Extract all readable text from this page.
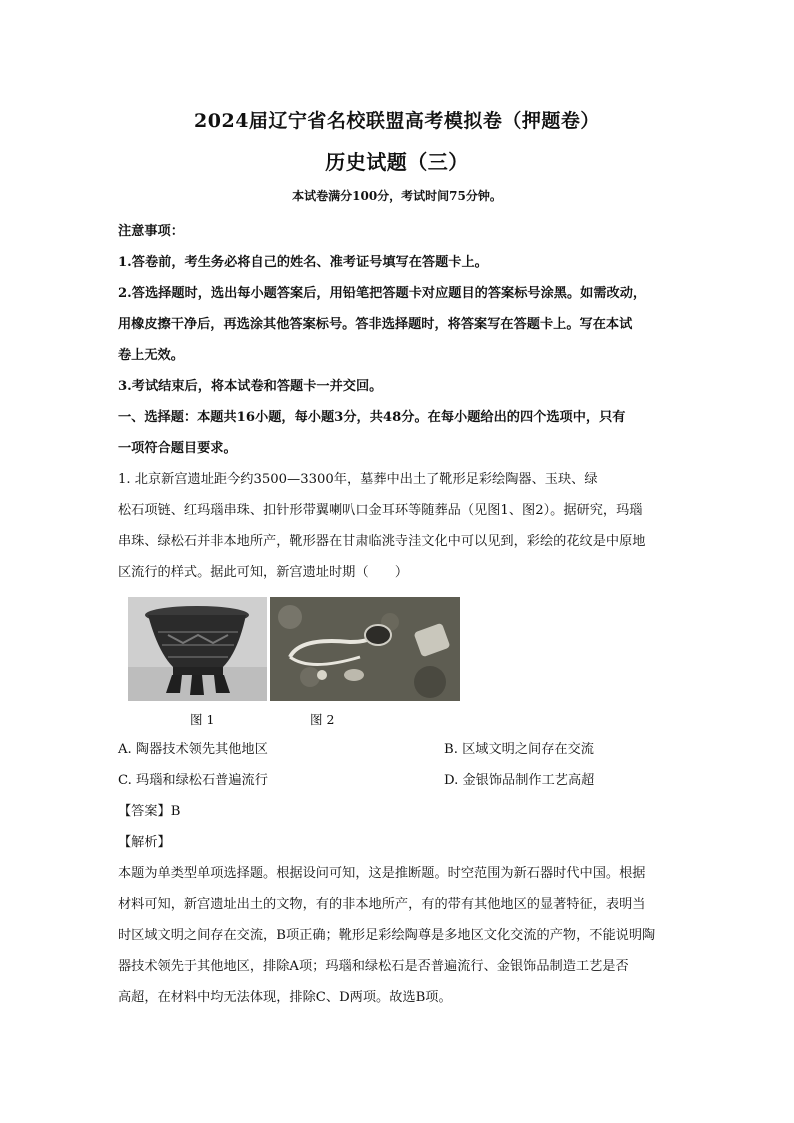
2024届辽宁省名校联盟高考模拟卷（押题卷）
历史试题（三）
本试卷满分100分，考试时间75分钟。
注意事项：
1.答卷前，考生务必将自己的姓名、准考证号填写在答题卡上。
2.答选择题时，选出每小题答案后，用铅笔把答题卡对应题目的答案标号涂黑。如需改动，
用橡皮擦干净后，再选涂其他答案标号。答非选择题时，将答案写在答题卡上。写在本试
卷上无效。
3.考试结束后，将本试卷和答题卡一并交回。
一、选择题：本题共16小题，每小题3分，共48分。在每小题给出的四个选项中，只有
一项符合题目要求。
1. 北京新宫遗址距今约3500—3300年，墓葬中出土了靴形足彩绘陶器、玉玦、绿
松石项链、红玛瑙串珠、扣针形带翼喇叭口金耳环等随葬品（见图1、图2）。据研究，玛瑙
串珠、绿松石并非本地所产，靴形器在甘肃临洮寺洼文化中可以见到，彩绘的花纹是中原地
区流行的样式。据此可知，新宫遗址时期（　　）
图 1	图 2
A. 陶器技术领先其他地区	B. 区域文明之间存在交流
C. 玛瑙和绿松石普遍流行	D. 金银饰品制作工艺高超
【答案】B
【解析】
本题为单类型单项选择题。根据设问可知，这是推断题。时空范围为新石器时代中国。根据
材料可知，新宫遗址出土的文物，有的非本地所产，有的带有其他地区的显著特征，表明当
时区域文明之间存在交流，B项正确；靴形足彩绘陶尊是多地区文化交流的产物，不能说明陶
器技术领先于其他地区，排除A项；玛瑙和绿松石是否普遍流行、金银饰品制造工艺是否
高超，在材料中均无法体现，排除C、D两项。故选B项。
